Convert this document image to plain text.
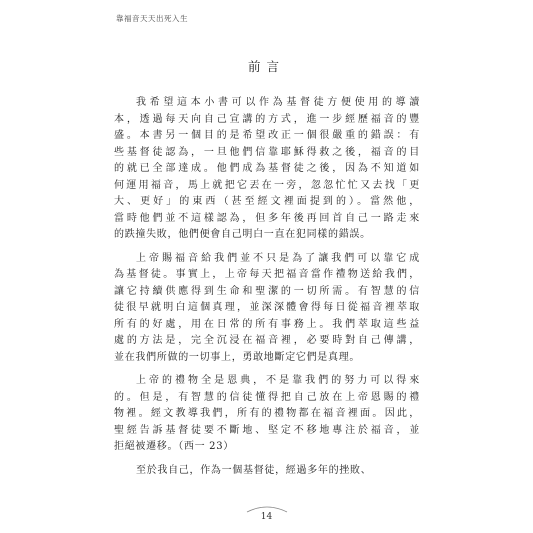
靠福音天天出死入生
前言
我希望這本小書可以作為基督徒方便使用的導讀
本，透過每天向自己宣講的方式，進一步經歷福音的豐
盛。本書另一個目的是希望改正一個很嚴重的錯誤：有
些基督徒認為，一旦他們信靠耶穌得救之後，福音的目
的就已全部達成。他們成為基督徒之後，因為不知道如
何運用福音，馬上就把它丟在一旁，忽忽忙忙又去找「更
大、更好」的東西（甚至經文裡面提到的）。當然他，
當時他們並不這樣認為，但多年後再回首自己一路走來
的跌撞失敗，他們便會自己明白一直在犯同樣的錯誤。
上帝賜福音給我們並不只是為了讓我們可以靠它成
為基督徒。事實上，上帝每天把福音當作禮物送給我們，
讓它持續供應得到生命和聖潔的一切所需。有智慧的信
徒很早就明白這個真理，並深深體會得每日從福音裡萃取
所有的好處，用在日常的所有事務上。我們萃取這些益
處的方法是，完全沉浸在福音裡，必要時對自己傳講，
並在我們所做的一切事上，勇敢地斷定它們是真理。
上帝的禮物全是恩典，不是靠我們的努力可以得來
的。但是，有智慧的信徒懂得把自己放在上帝恩賜的禮
物裡。經文教導我們，所有的禮物都在福音裡面。因此，
聖經告訴基督徒要不斷地、堅定不移地專注於福音，並
拒絕被遷移。（西一 23）
至於我自己，作為一個基督徒，經過多年的挫敗、
14
